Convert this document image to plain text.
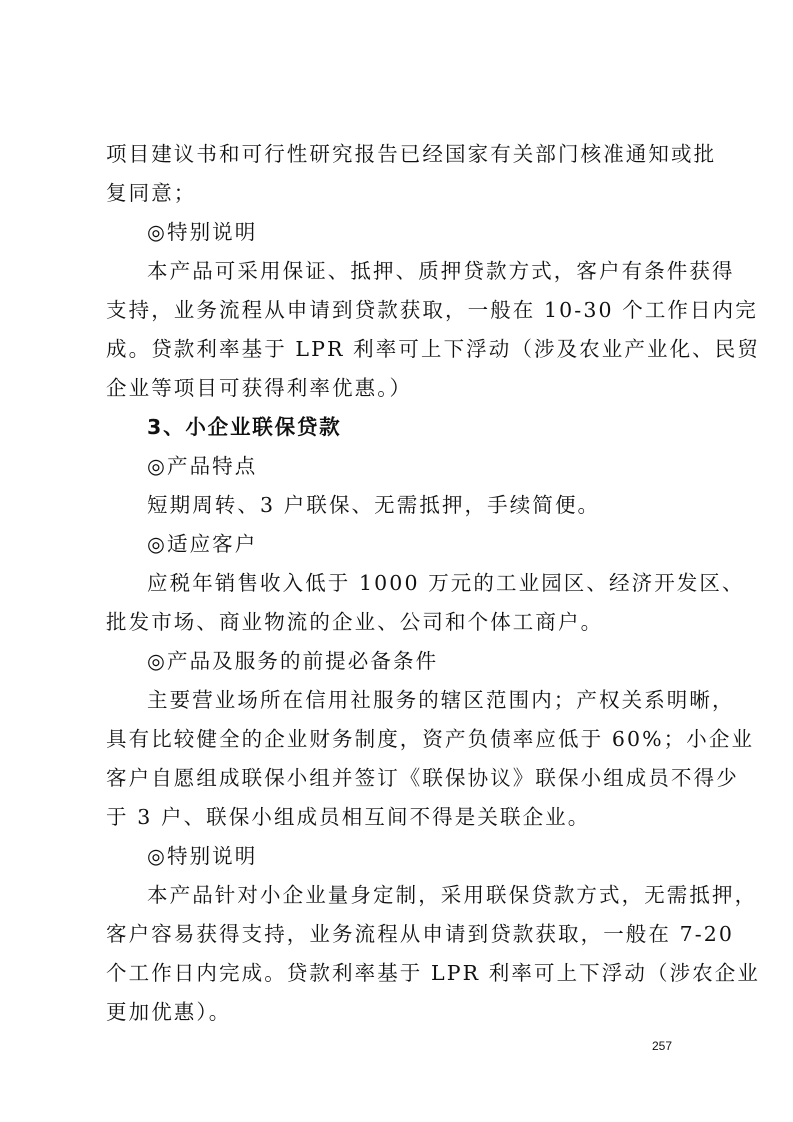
项目建议书和可行性研究报告已经国家有关部门核准通知或批
复同意；
◎特别说明
本产品可采用保证、抵押、质押贷款方式，客户有条件获得
支持，业务流程从申请到贷款获取，一般在 10-30 个工作日内完
成。贷款利率基于 LPR 利率可上下浮动（涉及农业产业化、民贸
企业等项目可获得利率优惠。）
3、小企业联保贷款
◎产品特点
短期周转、3 户联保、无需抵押，手续简便。
◎适应客户
应税年销售收入低于 1000 万元的工业园区、经济开发区、
批发市场、商业物流的企业、公司和个体工商户。
◎产品及服务的前提必备条件
主要营业场所在信用社服务的辖区范围内；产权关系明晰，
具有比较健全的企业财务制度，资产负债率应低于 60%；小企业
客户自愿组成联保小组并签订《联保协议》联保小组成员不得少
于 3 户、联保小组成员相互间不得是关联企业。
◎特别说明
本产品针对小企业量身定制，采用联保贷款方式，无需抵押，
客户容易获得支持，业务流程从申请到贷款获取，一般在 7-20
个工作日内完成。贷款利率基于 LPR 利率可上下浮动（涉农企业
更加优惠）。
257
